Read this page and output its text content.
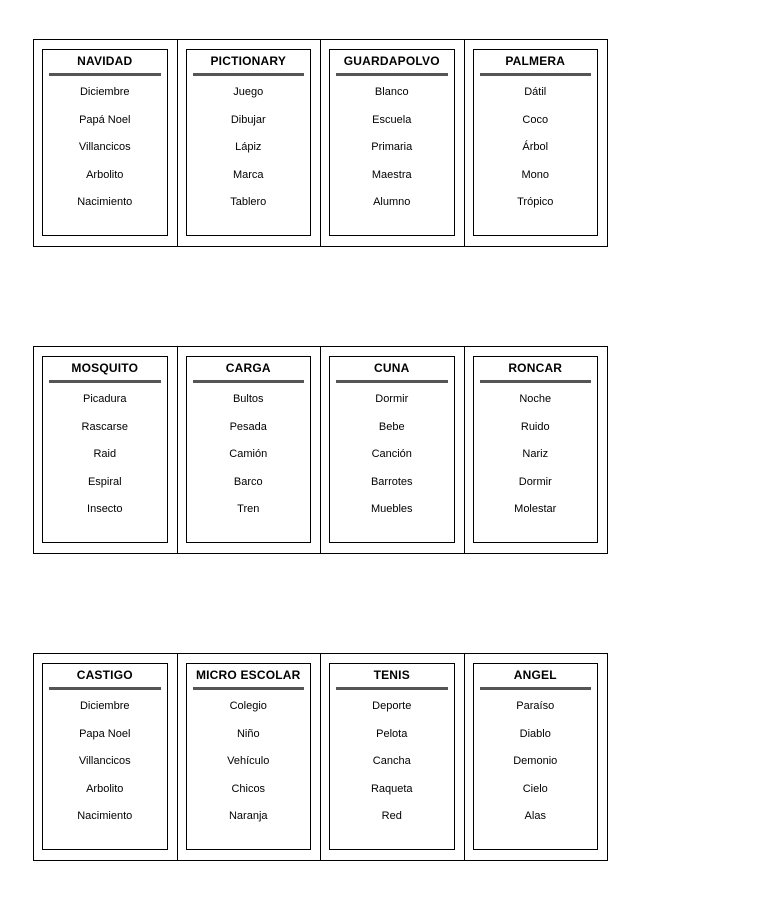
NAVIDAD
Diciembre
Papá Noel
Villancicos
Arbolito
Nacimiento
PICTIONARY
Juego
Dibujar
Lápiz
Marca
Tablero
GUARDAPOLVO
Blanco
Escuela
Primaria
Maestra
Alumno
PALMERA
Dátil
Coco
Árbol
Mono
Trópico
MOSQUITO
Picadura
Rascarse
Raid
Espiral
Insecto
CARGA
Bultos
Pesada
Camión
Barco
Tren
CUNA
Dormir
Bebe
Canción
Barrotes
Muebles
RONCAR
Noche
Ruido
Nariz
Dormir
Molestar
CASTIGO
Diciembre
Papa Noel
Villancicos
Arbolito
Nacimiento
MICRO ESCOLAR
Colegio
Niño
Vehículo
Chicos
Naranja
TENIS
Deporte
Pelota
Cancha
Raqueta
Red
ANGEL
Paraíso
Diablo
Demonio
Cielo
Alas
